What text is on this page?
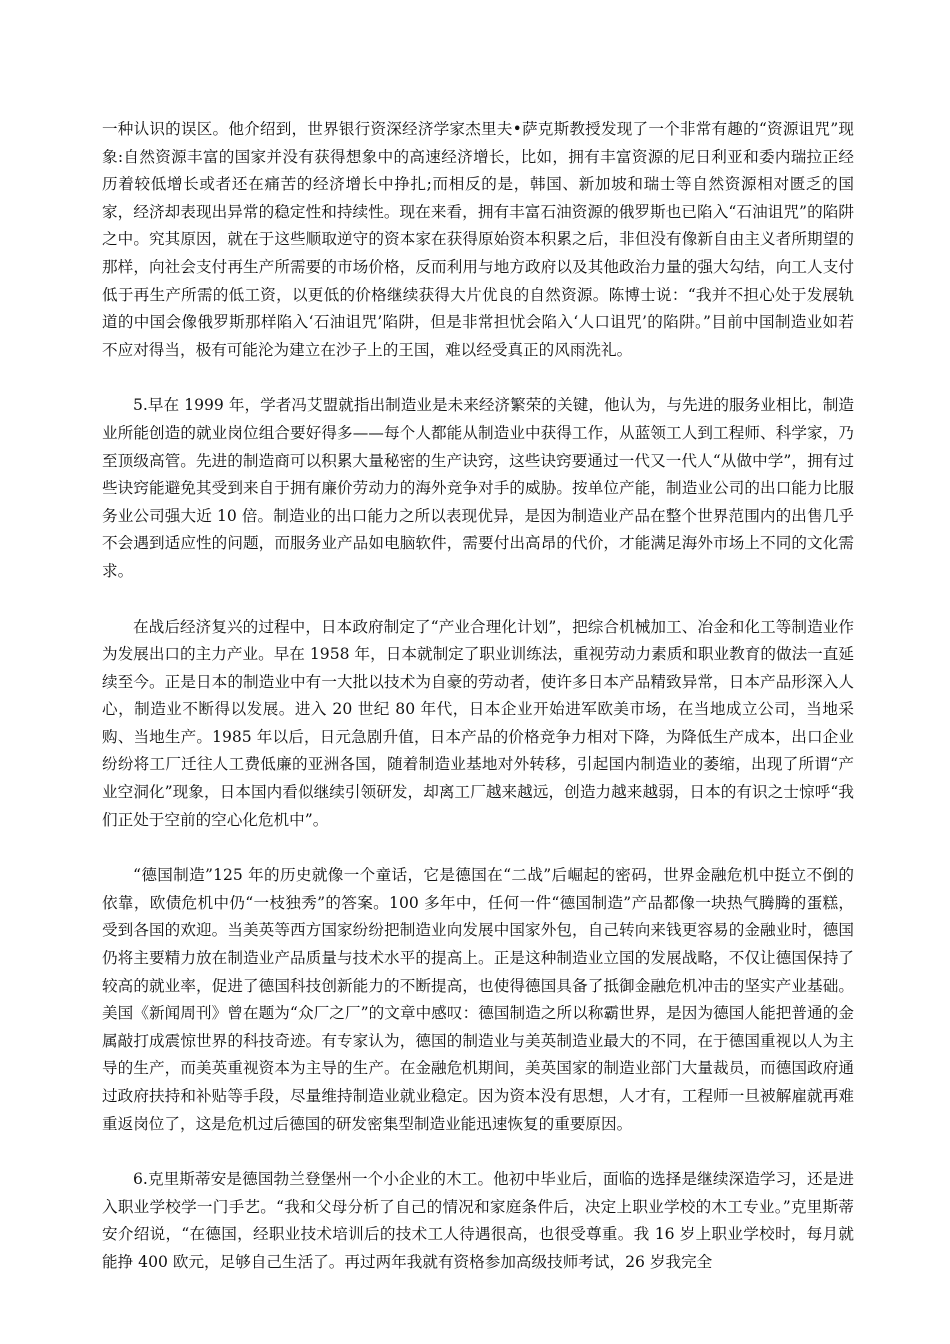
一种认识的误区。他介绍到，世界银行资深经济学家杰里夫•萨克斯教授发现了一个非常有趣的“资源诅咒”现象:自然资源丰富的国家并没有获得想象中的高速经济增长，比如，拥有丰富资源的尼日利亚和委内瑞拉正经历着较低增长或者还在痛苦的经济增长中挣扎;而相反的是，韩国、新加坡和瑞士等自然资源相对匮乏的国家，经济却表现出异常的稳定性和持续性。现在来看，拥有丰富石油资源的俄罗斯也已陷入“石油诅咒”的陷阱之中。究其原因，就在于这些顺取逆守的资本家在获得原始资本积累之后，非但没有像新自由主义者所期望的那样，向社会支付再生产所需要的市场价格，反而利用与地方政府以及其他政治力量的强大勾结，向工人支付低于再生产所需的低工资，以更低的价格继续获得大片优良的自然资源。陈博士说：“我并不担心处于发展轨道的中国会像俄罗斯那样陷入‘石油诅咒’陷阱，但是非常担忧会陷入‘人口诅咒’的陷阱。”目前中国制造业如若不应对得当，极有可能沦为建立在沙子上的王国，难以经受真正的风雨洗礼。

5.早在 1999 年，学者冯艾盟就指出制造业是未来经济繁荣的关键，他认为，与先进的服务业相比，制造业所能创造的就业岗位组合要好得多——每个人都能从制造业中获得工作，从蓝领工人到工程师、科学家，乃至顶级高管。先进的制造商可以积累大量秘密的生产诀窍，这些诀窍要通过一代又一代人“从做中学”，拥有过些诀窍能避免其受到来自于拥有廉价劳动力的海外竞争对手的威胁。按单位产能，制造业公司的出口能力比服务业公司强大近 10 倍。制造业的出口能力之所以表现优异，是因为制造业产品在整个世界范围内的出售几乎不会遇到适应性的问题，而服务业产品如电脑软件，需要付出高昂的代价，才能满足海外市场上不同的文化需求。

在战后经济复兴的过程中，日本政府制定了“产业合理化计划”，把综合机械加工、冶金和化工等制造业作为发展出口的主力产业。早在 1958 年，日本就制定了职业训练法，重视劳动力素质和职业教育的做法一直延续至今。正是日本的制造业中有一大批以技术为自豪的劳动者，使许多日本产品精致异常，日本产品形深入人心，制造业不断得以发展。进入 20 世纪 80 年代，日本企业开始进军欧美市场，在当地成立公司，当地采购、当地生产。1985 年以后，日元急剧升值，日本产品的价格竞争力相对下降，为降低生产成本，出口企业纷纷将工厂迁往人工费低廉的亚洲各国，随着制造业基地对外转移，引起国内制造业的萎缩，出现了所谓“产业空洞化”现象，日本国内看似继续引领研发，却离工厂越来越远，创造力越来越弱，日本的有识之士惊呼“我们正处于空前的空心化危机中”。

“德国制造”125 年的历史就像一个童话，它是德国在“二战”后崛起的密码，世界金融危机中挺立不倒的依靠，欧债危机中仍“一枝独秀”的答案。100 多年中，任何一件“德国制造”产品都像一块热气腾腾的蛋糕，受到各国的欢迎。当美英等西方国家纷纷把制造业向发展中国家外包，自己转向来钱更容易的金融业时，德国仍将主要精力放在制造业产品质量与技术水平的提高上。正是这种制造业立国的发展战略，不仅让德国保持了较高的就业率，促进了德国科技创新能力的不断提高，也使得德国具备了抵御金融危机冲击的坚实产业基础。美国《新闻周刊》曾在题为“众厂之厂”的文章中感叹：德国制造之所以称霸世界，是因为德国人能把普通的金属敲打成震惊世界的科技奇迹。有专家认为，德国的制造业与美英制造业最大的不同，在于德国重视以人为主导的生产，而美英重视资本为主导的生产。在金融危机期间，美英国家的制造业部门大量裁员，而德国政府通过政府扶持和补贴等手段，尽量维持制造业就业稳定。因为资本没有思想，人才有，工程师一旦被解雇就再难重返岗位了，这是危机过后德国的研发密集型制造业能迅速恢复的重要原因。

6.克里斯蒂安是德国勃兰登堡州一个小企业的木工。他初中毕业后，面临的选择是继续深造学习，还是进入职业学校学一门手艺。“我和父母分析了自己的情况和家庭条件后，决定上职业学校的木工专业。”克里斯蒂安介绍说，“在德国，经职业技术培训后的技术工人待遇很高，也很受尊重。我 16 岁上职业学校时，每月就能挣 400 欧元，足够自己生活了。再过两年我就有资格参加高级技师考试，26 岁我完全
